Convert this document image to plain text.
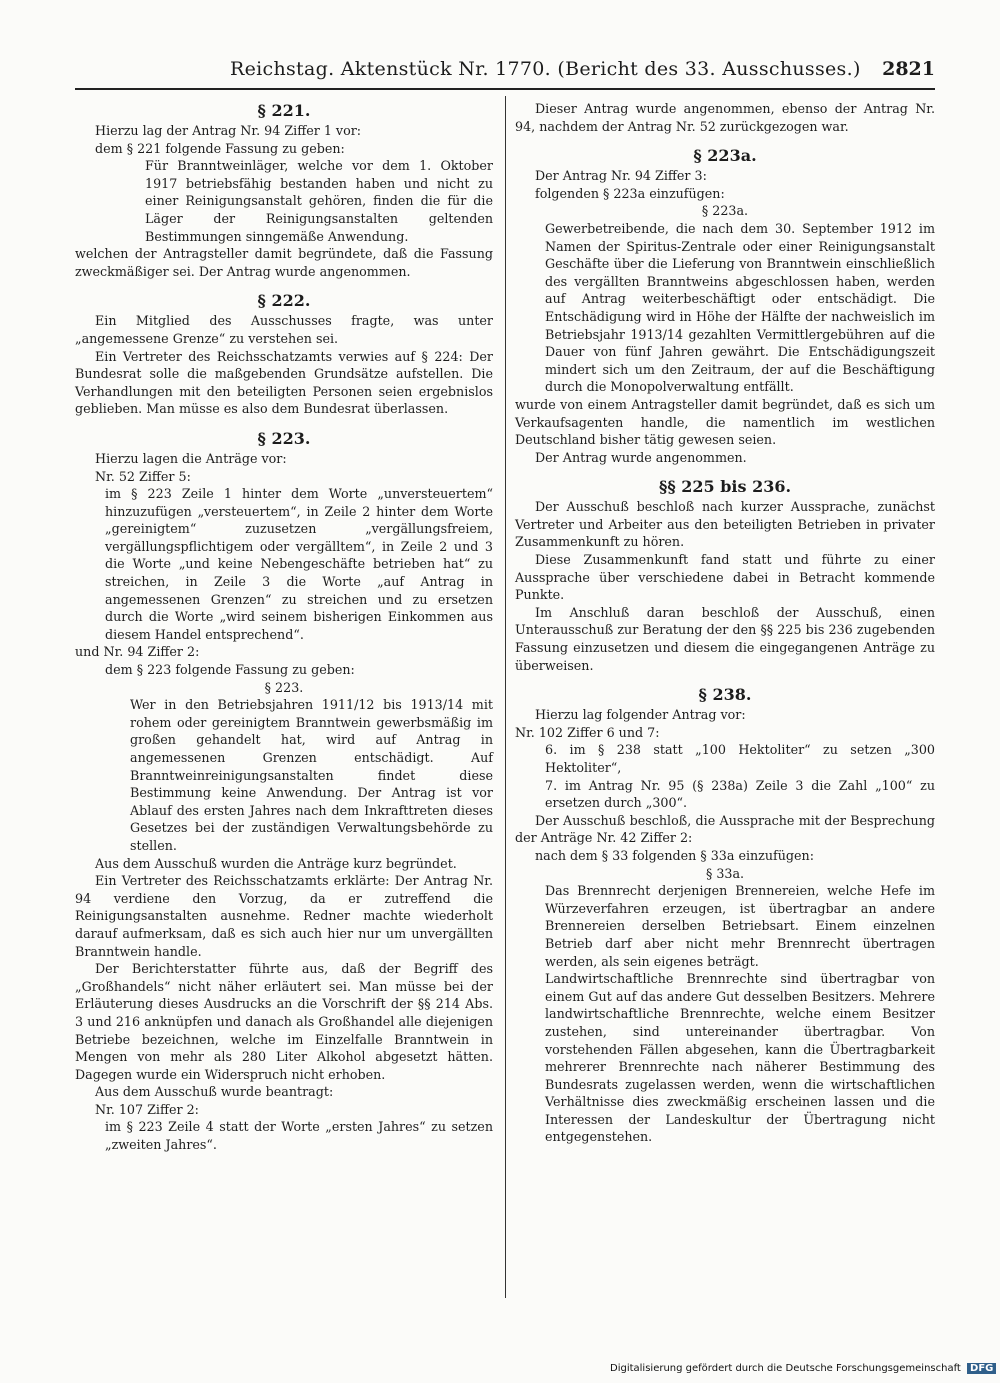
Reichstag. Aktenstück Nr. 1770. (Bericht des 33. Ausschusses.) 2821

§ 221.

Hierzu lag der Antrag Nr. 94 Ziffer 1 vor:

dem § 221 folgende Fassung zu geben:

Für Branntweinläger, welche vor dem 1. Oktober 1917 betriebsfähig bestanden haben und nicht zu einer Reinigungsanstalt gehören, finden die für die Läger der Reinigungsanstalten geltenden Bestimmungen sinngemäße Anwendung.

welchen der Antragsteller damit begründete, daß die Fassung zweckmäßiger sei. Der Antrag wurde angenommen.

§ 222.

Ein Mitglied des Ausschusses fragte, was unter „angemessene Grenze“ zu verstehen sei.

Ein Vertreter des Reichsschatzamts verwies auf § 224: Der Bundesrat solle die maßgebenden Grundsätze aufstellen. Die Verhandlungen mit den beteiligten Personen seien ergebnislos geblieben. Man müsse es also dem Bundesrat überlassen.

§ 223.

Hierzu lagen die Anträge vor:

Nr. 52 Ziffer 5:

im § 223 Zeile 1 hinter dem Worte „unversteuertem“ hinzuzufügen „versteuertem“, in Zeile 2 hinter dem Worte „gereinigtem“ zuzusetzen „vergällungsfreiem, vergällungspflichtigem oder vergälltem“, in Zeile 2 und 3 die Worte „und keine Nebengeschäfte betrieben hat“ zu streichen, in Zeile 3 die Worte „auf Antrag in angemessenen Grenzen“ zu streichen und zu ersetzen durch die Worte „wird seinem bisherigen Einkommen aus diesem Handel entsprechend“.

und Nr. 94 Ziffer 2:

dem § 223 folgende Fassung zu geben:

§ 223.

Wer in den Betriebsjahren 1911/12 bis 1913/14 mit rohem oder gereinigtem Branntwein gewerbsmäßig im großen gehandelt hat, wird auf Antrag in angemessenen Grenzen entschädigt. Auf Branntweinreinigungsanstalten findet diese Bestimmung keine Anwendung. Der Antrag ist vor Ablauf des ersten Jahres nach dem Inkrafttreten dieses Gesetzes bei der zuständigen Verwaltungsbehörde zu stellen.

Aus dem Ausschuß wurden die Anträge kurz begründet.

Ein Vertreter des Reichsschatzamts erklärte: Der Antrag Nr. 94 verdiene den Vorzug, da er zutreffend die Reinigungsanstalten ausnehme. Redner machte wiederholt darauf aufmerksam, daß es sich auch hier nur um unvergällten Branntwein handle.

Der Berichterstatter führte aus, daß der Begriff des „Großhandels“ nicht näher erläutert sei. Man müsse bei der Erläuterung dieses Ausdrucks an die Vorschrift der §§ 214 Abs. 3 und 216 anknüpfen und danach als Großhandel alle diejenigen Betriebe bezeichnen, welche im Einzelfalle Branntwein in Mengen von mehr als 280 Liter Alkohol abgesetzt hätten. Dagegen wurde ein Widerspruch nicht erhoben.

Aus dem Ausschuß wurde beantragt:

Nr. 107 Ziffer 2:

im § 223 Zeile 4 statt der Worte „ersten Jahres“ zu setzen „zweiten Jahres“.

Dieser Antrag wurde angenommen, ebenso der Antrag Nr. 94, nachdem der Antrag Nr. 52 zurückgezogen war.

§ 223a.

Der Antrag Nr. 94 Ziffer 3:

folgenden § 223a einzufügen:

§ 223a.

Gewerbetreibende, die nach dem 30. September 1912 im Namen der Spiritus-Zentrale oder einer Reinigungsanstalt Geschäfte über die Lieferung von Branntwein einschließlich des vergällten Branntweins abgeschlossen haben, werden auf Antrag weiterbeschäftigt oder entschädigt. Die Entschädigung wird in Höhe der Hälfte der nachweislich im Betriebsjahr 1913/14 gezahlten Vermittlergebühren auf die Dauer von fünf Jahren gewährt. Die Entschädigungszeit mindert sich um den Zeitraum, der auf die Beschäftigung durch die Monopolverwaltung entfällt.

wurde von einem Antragsteller damit begründet, daß es sich um Verkaufsagenten handle, die namentlich im westlichen Deutschland bisher tätig gewesen seien.

Der Antrag wurde angenommen.

§§ 225 bis 236.

Der Ausschuß beschloß nach kurzer Aussprache, zunächst Vertreter und Arbeiter aus den beteiligten Betrieben in privater Zusammenkunft zu hören.

Diese Zusammenkunft fand statt und führte zu einer Aussprache über verschiedene dabei in Betracht kommende Punkte.

Im Anschluß daran beschloß der Ausschuß, einen Unterausschuß zur Beratung der den §§ 225 bis 236 zugebenden Fassung einzusetzen und diesem die eingegangenen Anträge zu überweisen.

§ 238.

Hierzu lag folgender Antrag vor:

Nr. 102 Ziffer 6 und 7:

6. im § 238 statt „100 Hektoliter“ zu setzen „300 Hektoliter“,

7. im Antrag Nr. 95 (§ 238a) Zeile 3 die Zahl „100“ zu ersetzen durch „300“.

Der Ausschuß beschloß, die Aussprache mit der Besprechung der Anträge Nr. 42 Ziffer 2:

nach dem § 33 folgenden § 33a einzufügen:

§ 33a.

Das Brennrecht derjenigen Brennereien, welche Hefe im Würzeverfahren erzeugen, ist übertragbar an andere Brennereien derselben Betriebsart. Einem einzelnen Betrieb darf aber nicht mehr Brennrecht übertragen werden, als sein eigenes beträgt.

Landwirtschaftliche Brennrechte sind übertragbar von einem Gut auf das andere Gut desselben Besitzers. Mehrere landwirtschaftliche Brennrechte, welche einem Besitzer zustehen, sind untereinander übertragbar. Von vorstehenden Fällen abgesehen, kann die Übertragbarkeit mehrerer Brennrechte nach näherer Bestimmung des Bundesrats zugelassen werden, wenn die wirtschaftlichen Verhältnisse dies zweckmäßig erscheinen lassen und die Interessen der Landeskultur der Übertragung nicht entgegenstehen.

Digitalisierung gefördert durch die Deutsche Forschungsgemeinschaft DFG
